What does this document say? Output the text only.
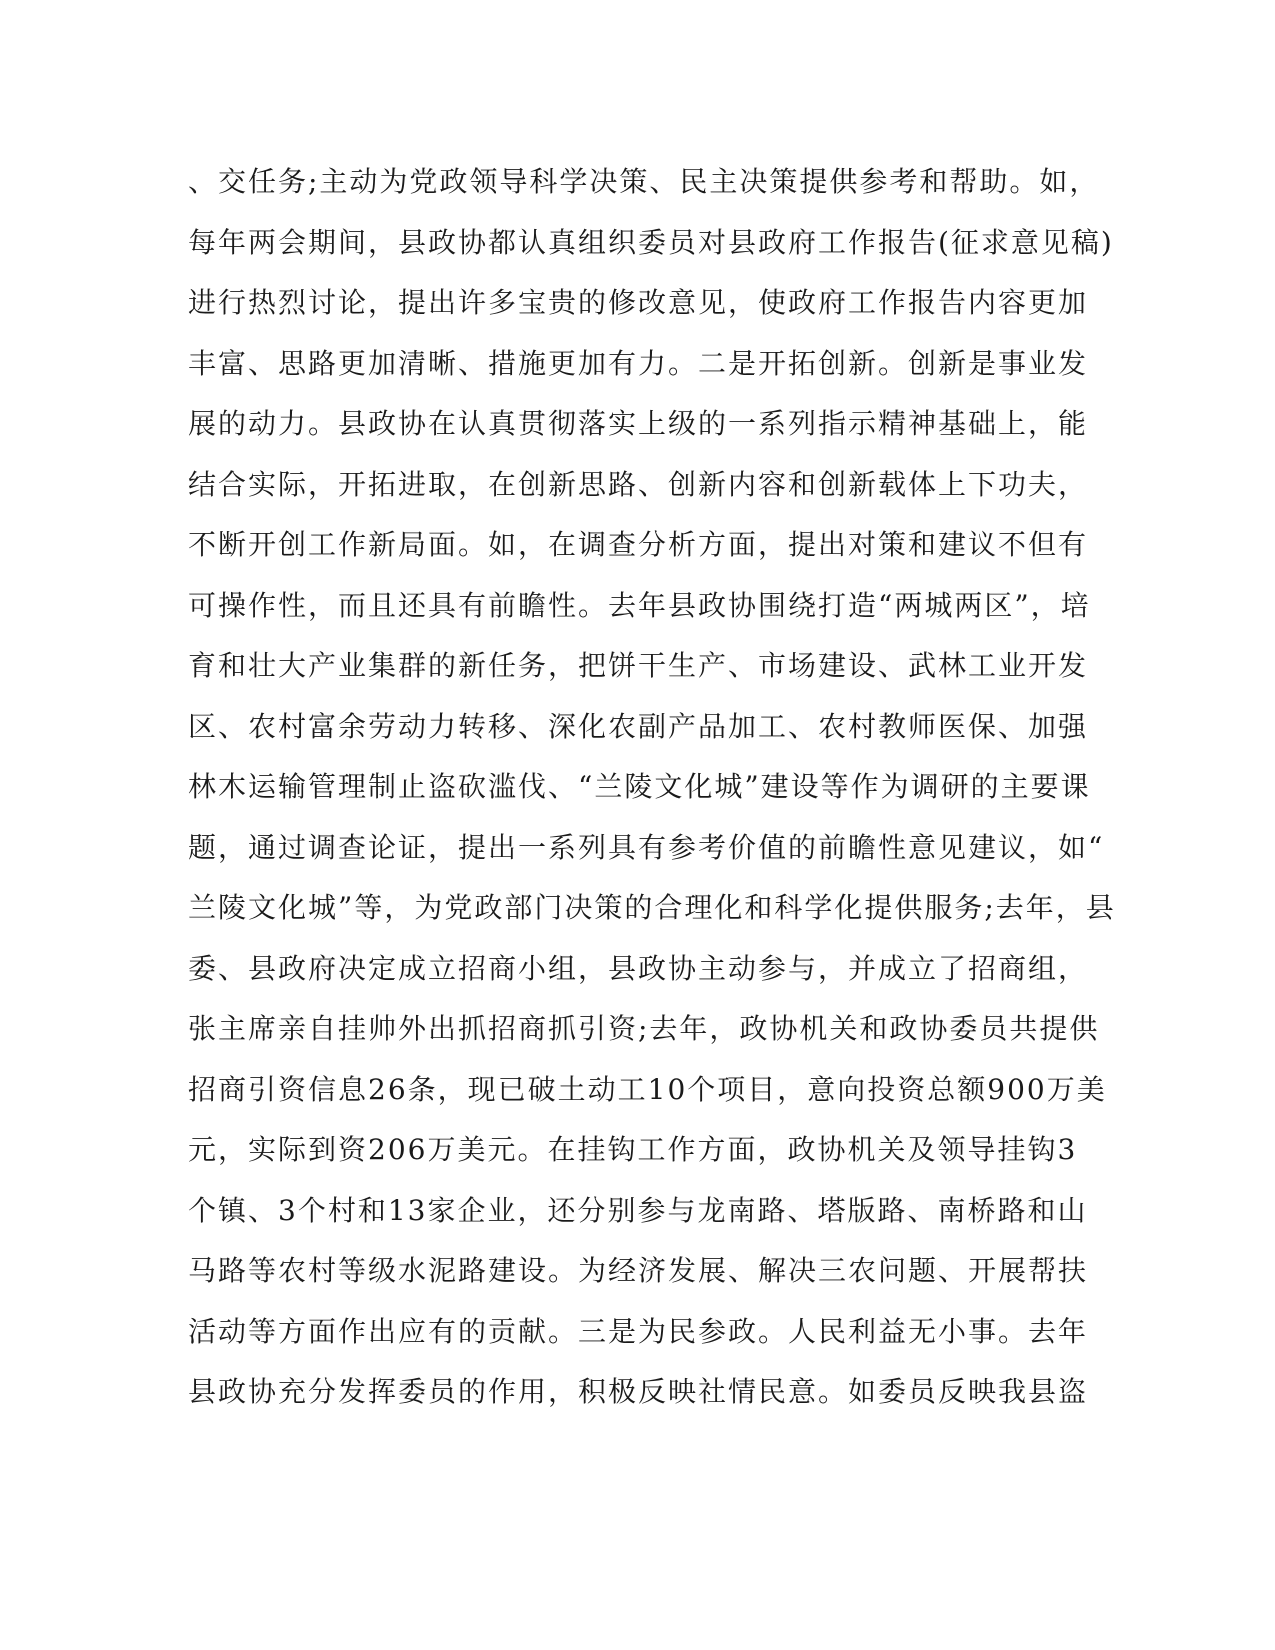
、交任务;主动为党政领导科学决策、民主决策提供参考和帮助。如，
每年两会期间，县政协都认真组织委员对县政府工作报告(征求意见稿)
进行热烈讨论，提出许多宝贵的修改意见，使政府工作报告内容更加
丰富、思路更加清晰、措施更加有力。二是开拓创新。创新是事业发
展的动力。县政协在认真贯彻落实上级的一系列指示精神基础上，能
结合实际，开拓进取，在创新思路、创新内容和创新载体上下功夫，
不断开创工作新局面。如，在调查分析方面，提出对策和建议不但有
可操作性，而且还具有前瞻性。去年县政协围绕打造“两城两区”，培
育和壮大产业集群的新任务，把饼干生产、市场建设、武林工业开发
区、农村富余劳动力转移、深化农副产品加工、农村教师医保、加强
林木运输管理制止盗砍滥伐、“兰陵文化城”建设等作为调研的主要课
题，通过调查论证，提出一系列具有参考价值的前瞻性意见建议，如“
兰陵文化城”等，为党政部门决策的合理化和科学化提供服务;去年，县
委、县政府决定成立招商小组，县政协主动参与，并成立了招商组，
张主席亲自挂帅外出抓招商抓引资;去年，政协机关和政协委员共提供
招商引资信息26条，现已破土动工10个项目，意向投资总额900万美
元，实际到资206万美元。在挂钩工作方面，政协机关及领导挂钩3
个镇、3个村和13家企业，还分别参与龙南路、塔版路、南桥路和山
马路等农村等级水泥路建设。为经济发展、解决三农问题、开展帮扶
活动等方面作出应有的贡献。三是为民参政。人民利益无小事。去年
县政协充分发挥委员的作用，积极反映社情民意。如委员反映我县盗
